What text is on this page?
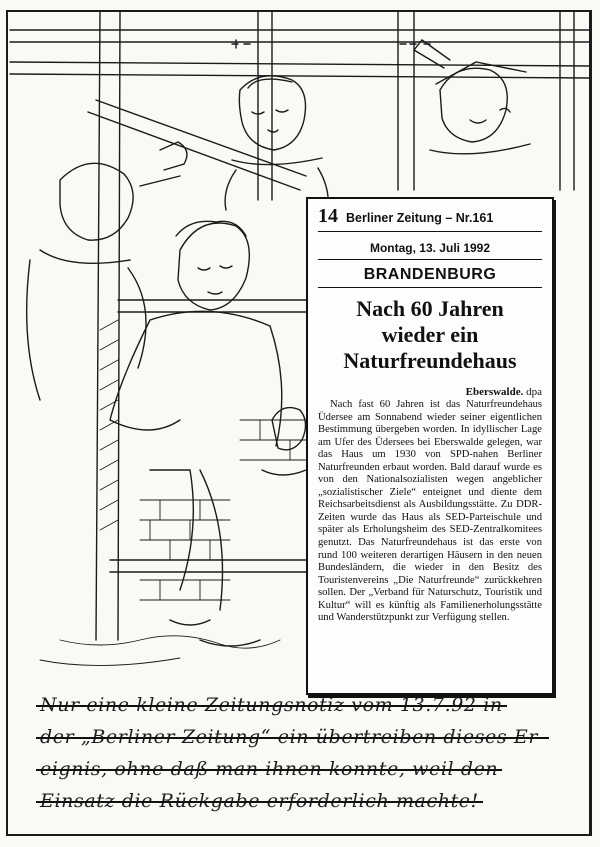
14 Berliner Zeitung – Nr.161
Montag, 13. Juli 1992
BRANDENBURG
Nach 60 Jahren
wieder ein
Naturfreundehaus
Eberswalde. dpa

Nach fast 60 Jahren ist das Naturfreundehaus Üdersee am Sonnabend wieder seiner eigentlichen Bestimmung übergeben worden. In idyllischer Lage am Ufer des Üdersees bei Eberswalde gelegen, war das Haus um 1930 von SPD-nahen Berliner Naturfreunden erbaut worden. Bald darauf wurde es von den Nationalsozialisten wegen angeblicher „sozialistischer Ziele“ enteignet und diente dem Reichsarbeitsdienst als Ausbildungsstätte. Zu DDR-Zeiten wurde das Haus als SED-Parteischule und später als Erholungsheim des SED-Zentralkomitees genutzt. Das Naturfreundehaus ist das erste von rund 100 weiteren derartigen Häusern in den neuen Bundesländern, die wieder in den Besitz des Touristenvereins „Die Naturfreunde“ zurückkehren sollen. Der „Verband für Naturschutz, Touristik und Kultur“ will es künftig als Familienerholungsstätte und Wanderstützpunkt zur Verfügung stellen.

Nur eine kleine Zeitungsnotiz vom 13.7.92 in
der „Berliner Zeitung“ ein übertreiben dieses Er-
eignis, ohne daß man ihnen konnte, weil den
Einsatz die Rückgabe erforderlich machte!
